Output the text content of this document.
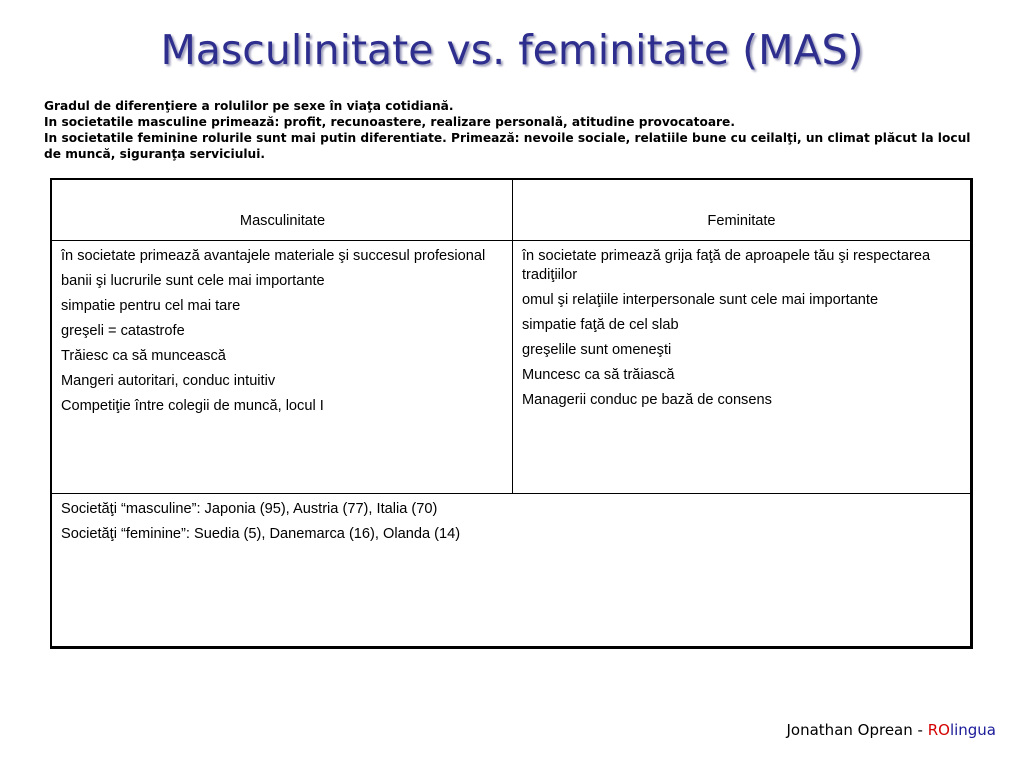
Masculinitate vs. feminitate (MAS)
Gradul de diferenţiere a rolulilor pe sexe în viaţa cotidiană.
In societatile masculine primează: profit, recunoastere, realizare personală, atitudine provocatoare.
In societatile feminine rolurile sunt mai putin diferentiate. Primează: nevoile sociale, relatiile bune cu ceilalţi, un climat plăcut la locul de muncă, siguranţa serviciului.
Masculinitate	Feminitate
în societate primează avantajele materiale şi succesul profesional
banii şi lucrurile sunt cele mai importante
simpatie pentru cel mai tare
greşeli = catastrofe
Trăiesc ca să muncească
Mangeri autoritari, conduc intuitiv
Competiţie între colegii de muncă, locul I
în societate primează grija faţă de aproapele tău şi respectarea tradiţiilor
omul şi relaţiile interpersonale sunt cele mai importante
simpatie faţă de cel slab
greşelile sunt omeneşti
Muncesc ca să trăiască
Managerii conduc pe bază de consens
Societăţi “masculine”: Japonia (95), Austria (77), Italia (70)
Societăţi “feminine”: Suedia (5), Danemarca (16), Olanda (14)
Jonathan Oprean - ROlingua
